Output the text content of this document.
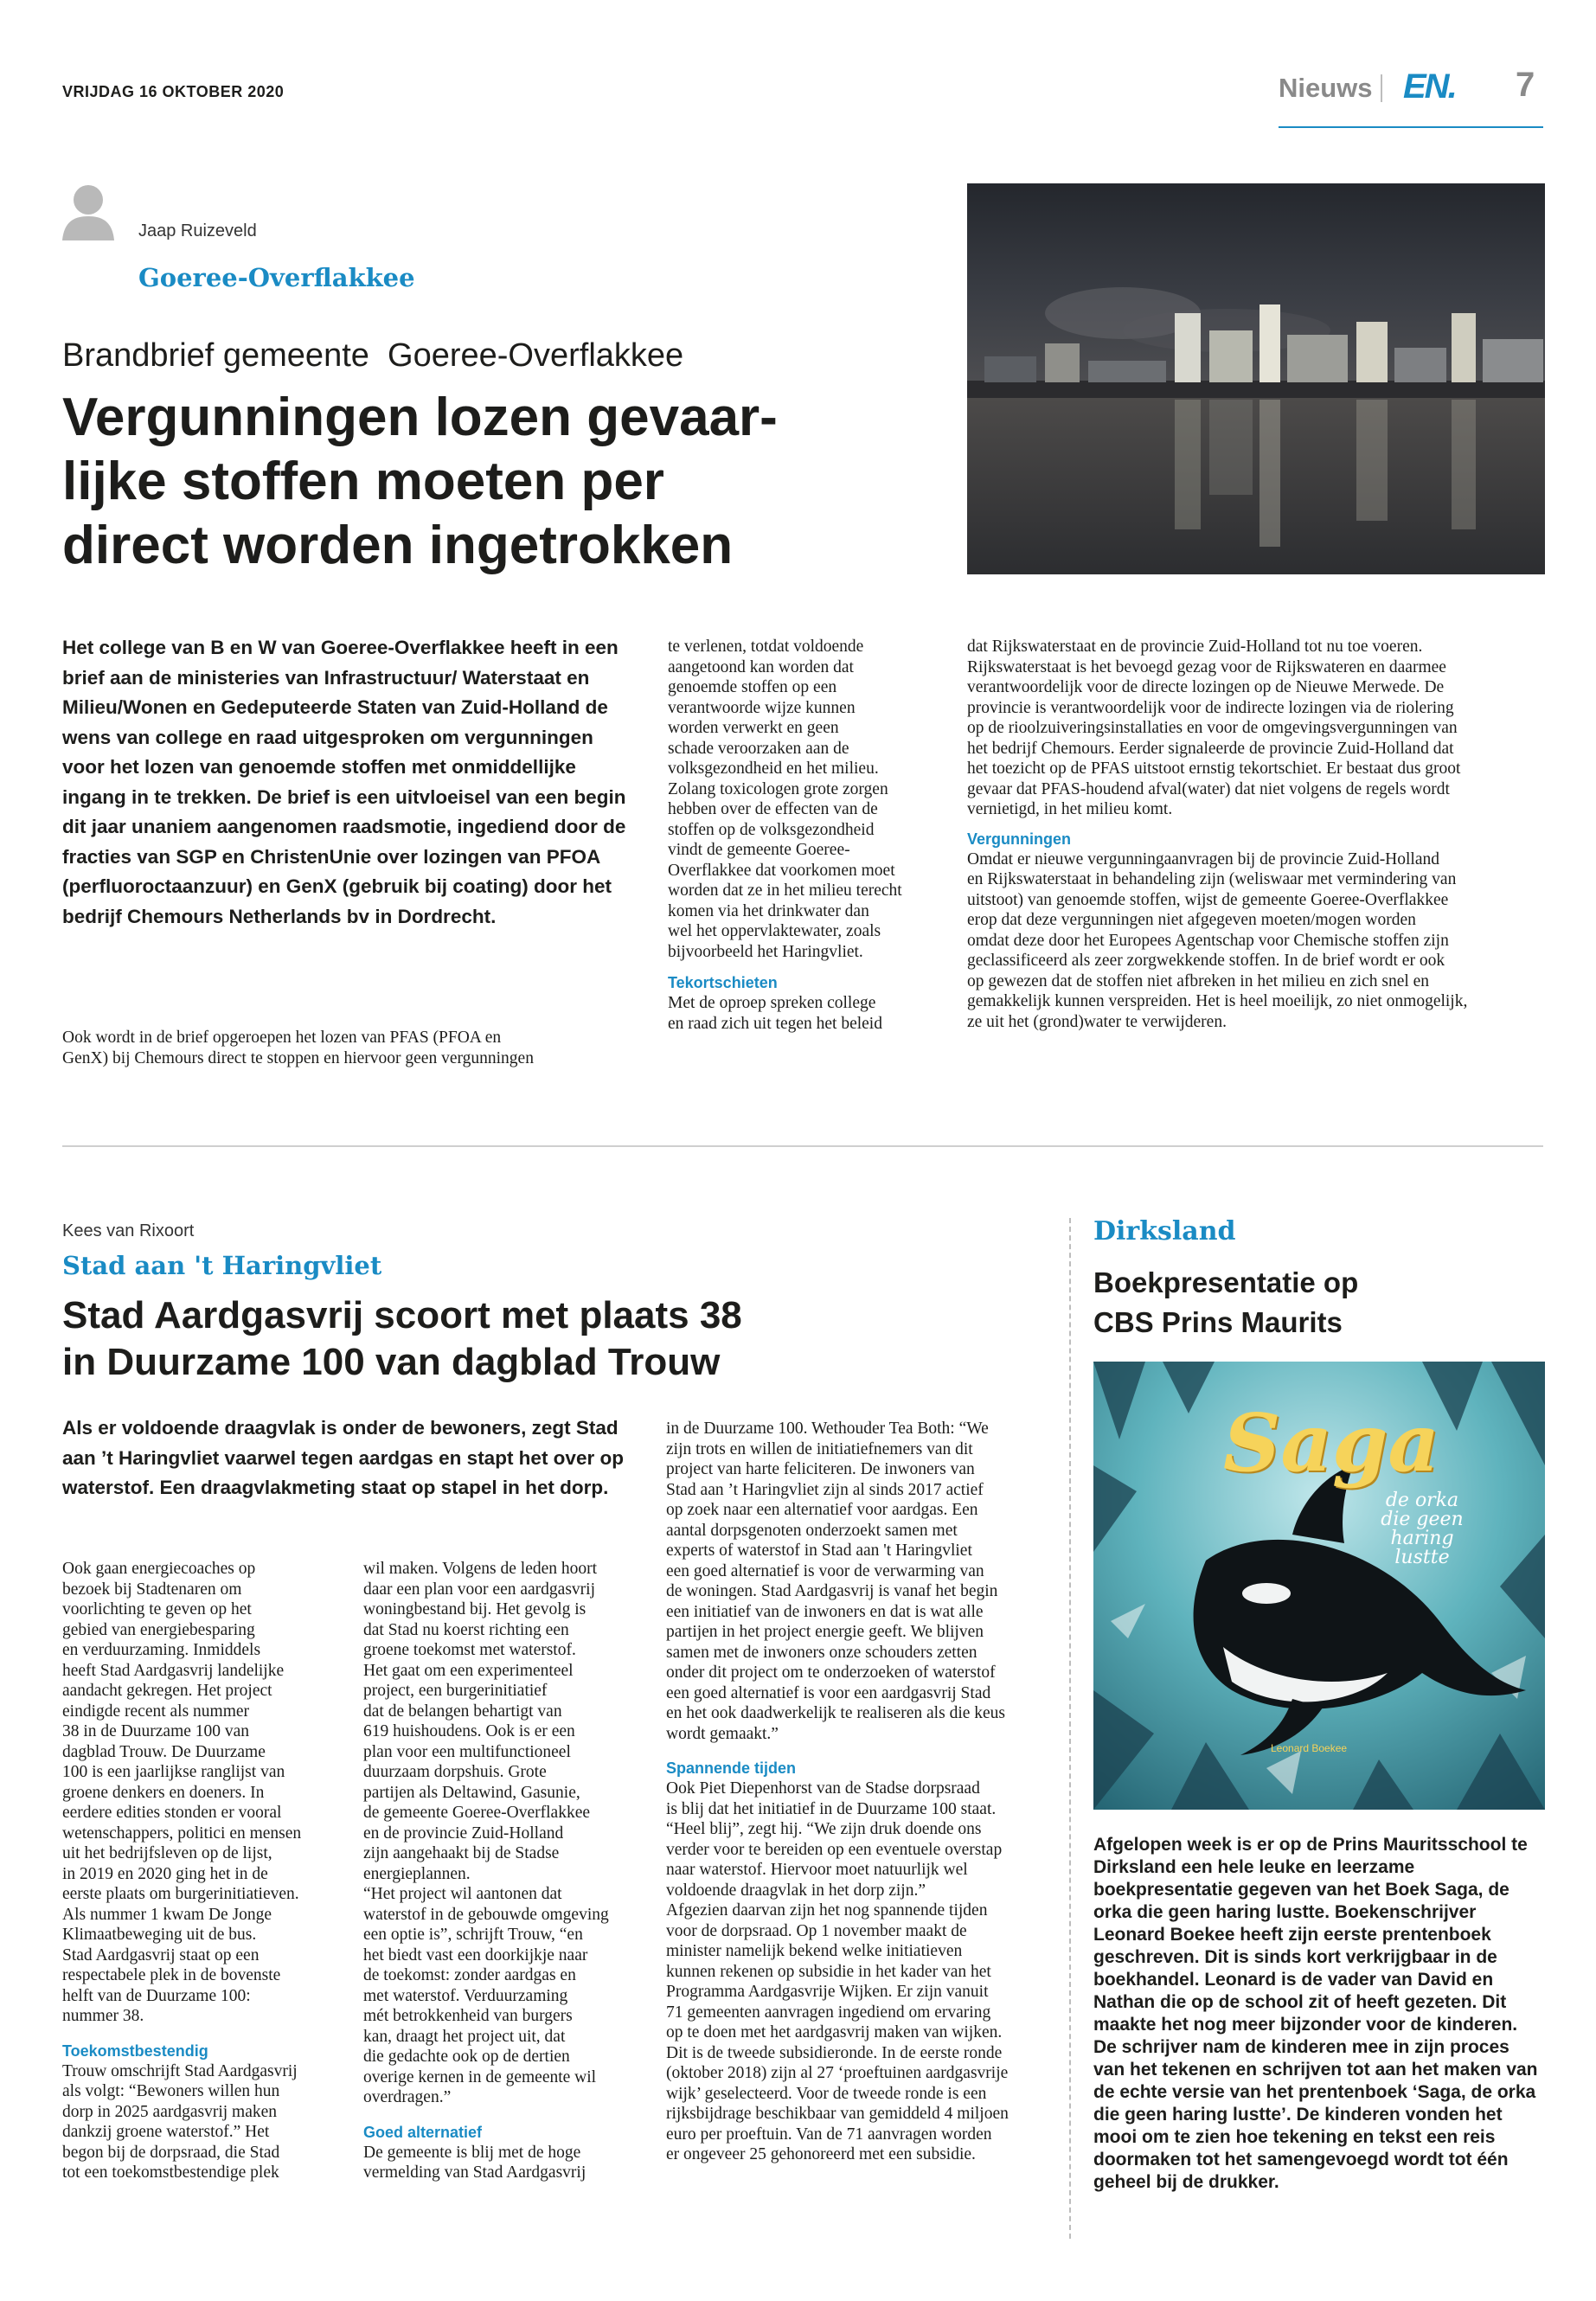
VRIJDAG 16 OKTOBER 2020	Nieuws EN. 7
Jaap Ruizeveld
Goeree-Overflakkee
Brandbrief gemeente  Goeree-Overflakkee
Vergunningen lozen gevaar-
lijke stoffen moeten per
direct worden ingetrokken
Het college van B en W van Goeree-Overflakkee heeft in een brief aan de ministeries van Infrastructuur/ Waterstaat en Milieu/Wonen en Gedeputeerde Staten van Zuid-Holland de wens van college en raad uitgesproken om vergunningen voor het lozen van genoemde stoffen met onmiddellijke ingang in te trekken. De brief is een uitvloeisel van een begin dit jaar unaniem aangenomen raadsmotie, ingediend door de fracties van SGP en ChristenUnie over lozingen van PFOA (perfluoroctaanzuur) en GenX (gebruik bij coating) door het bedrijf Chemours Netherlands bv in Dordrecht.
Ook wordt in de brief opgeroepen het lozen van PFAS (PFOA en
GenX) bij Chemours direct te stoppen en hiervoor geen vergunningen
te verlenen, totdat voldoende
aangetoond kan worden dat
genoemde stoffen op een
verantwoorde wijze kunnen
worden verwerkt en geen
schade veroorzaken aan de
volksgezondheid en het milieu.
Zolang toxicologen grote zorgen
hebben over de effecten van de
stoffen op de volksgezondheid
vindt de gemeente Goeree-
Overflakkee dat voorkomen moet
worden dat ze in het milieu terecht
komen via het drinkwater dan
wel het oppervlaktewater, zoals
bijvoorbeeld het Haringvliet.
Tekortschieten
Met de oproep spreken college
en raad zich uit tegen het beleid
dat Rijkswaterstaat en de provincie Zuid-Holland tot nu toe voeren.
Rijkswaterstaat is het bevoegd gezag voor de Rijkswateren en daarmee
verantwoordelijk voor de directe lozingen op de Nieuwe Merwede. De
provincie is verantwoordelijk voor de indirecte lozingen via de riolering
op de rioolzuiveringsinstallaties en voor de omgevingsvergunningen van
het bedrijf Chemours. Eerder signaleerde de provincie Zuid-Holland dat
het toezicht op de PFAS uitstoot ernstig tekortschiet. Er bestaat dus groot
gevaar dat PFAS-houdend afval(water) dat niet volgens de regels wordt
vernietigd, in het milieu komt.
Vergunningen
Omdat er nieuwe vergunningaanvragen bij de provincie Zuid-Holland
en Rijkswaterstaat in behandeling zijn (weliswaar met vermindering van
uitstoot) van genoemde stoffen, wijst de gemeente Goeree-Overflakkee
erop dat deze vergunningen niet afgegeven moeten/mogen worden
omdat deze door het Europees Agentschap voor Chemische stoffen zijn
geclassificeerd als zeer zorgwekkende stoffen. In de brief wordt er ook
op gewezen dat de stoffen niet afbreken in het milieu en zich snel en
gemakkelijk kunnen verspreiden. Het is heel moeilijk, zo niet onmogelijk,
ze uit het (grond)water te verwijderen.
Kees van Rixoort
Stad aan 't Haringvliet
Stad Aardgasvrij scoort met plaats 38
in Duurzame 100 van dagblad Trouw
Als er voldoende draagvlak is onder de bewoners, zegt Stad aan ’t Haringvliet vaarwel tegen aardgas en stapt het over op waterstof. Een draagvlakmeting staat op stapel in het dorp.
Ook gaan energiecoaches op
bezoek bij Stadtenaren om
voorlichting te geven op het
gebied van energiebesparing
en verduurzaming. Inmiddels
heeft Stad Aardgasvrij landelijke
aandacht gekregen. Het project
eindigde recent als nummer
38 in de Duurzame 100 van
dagblad Trouw. De Duurzame
100 is een jaarlijkse ranglijst van
groene denkers en doeners. In
eerdere edities stonden er vooral
wetenschappers, politici en mensen
uit het bedrijfsleven op de lijst,
in 2019 en 2020 ging het in de
eerste plaats om burgerinitiatieven.
Als nummer 1 kwam De Jonge
Klimaatbeweging uit de bus.
Stad Aardgasvrij staat op een
respectabele plek in de bovenste
helft van de Duurzame 100:
nummer 38.
Toekomstbestendig
Trouw omschrijft Stad Aardgasvrij
als volgt: “Bewoners willen hun
dorp in 2025 aardgasvrij maken
dankzij groene waterstof.” Het
begon bij de dorpsraad, die Stad
tot een toekomstbestendige plek
wil maken. Volgens de leden hoort
daar een plan voor een aardgasvrij
woningbestand bij. Het gevolg is
dat Stad nu koerst richting een
groene toekomst met waterstof.
Het gaat om een experimenteel
project, een burgerinitiatief
dat de belangen behartigt van
619 huishoudens. Ook is er een
plan voor een multifunctioneel
duurzaam dorpshuis. Grote
partijen als Deltawind, Gasunie,
de gemeente Goeree-Overflakkee
en de provincie Zuid-Holland
zijn aangehaakt bij de Stadse
energieplannen.
“Het project wil aantonen dat
waterstof in de gebouwde omgeving
een optie is”, schrijft Trouw, “en
het biedt vast een doorkijkje naar
de toekomst: zonder aardgas en
met waterstof. Verduurzaming
mét betrokkenheid van burgers
kan, draagt het project uit, dat
die gedachte ook op de dertien
overige kernen in de gemeente wil
overdragen.”
Goed alternatief
De gemeente is blij met de hoge
vermelding van Stad Aardgasvrij
in de Duurzame 100. Wethouder Tea Both: “We
zijn trots en willen de initiatiefnemers van dit
project van harte feliciteren. De inwoners van
Stad aan ’t Haringvliet zijn al sinds 2017 actief
op zoek naar een alternatief voor aardgas. Een
aantal dorpsgenoten onderzoekt samen met
experts of waterstof in Stad aan 't Haringvliet
een goed alternatief is voor de verwarming van
de woningen. Stad Aardgasvrij is vanaf het begin
een initiatief van de inwoners en dat is wat alle
partijen in het project energie geeft. We blijven
samen met de inwoners onze schouders zetten
onder dit project om te onderzoeken of waterstof
een goed alternatief is voor een aardgasvrij Stad
en het ook daadwerkelijk te realiseren als die keus
wordt gemaakt.”
Spannende tijden
Ook Piet Diepenhorst van de Stadse dorpsraad
is blij dat het initiatief in de Duurzame 100 staat.
“Heel blij”, zegt hij. “We zijn druk doende ons
verder voor te bereiden op een eventuele overstap
naar waterstof. Hiervoor moet natuurlijk wel
voldoende draagvlak in het dorp zijn.”
Afgezien daarvan zijn het nog spannende tijden
voor de dorpsraad. Op 1 november maakt de
minister namelijk bekend welke initiatieven
kunnen rekenen op subsidie in het kader van het
Programma Aardgasvrije Wijken. Er zijn vanuit
71 gemeenten aanvragen ingediend om ervaring
op te doen met het aardgasvrij maken van wijken.
Dit is de tweede subsidieronde. In de eerste ronde
(oktober 2018) zijn al 27 ‘proeftuinen aardgasvrije
wijk’ geselecteerd. Voor de tweede ronde is een
rijksbijdrage beschikbaar van gemiddeld 4 miljoen
euro per proeftuin. Van de 71 aanvragen worden
er ongeveer 25 gehonoreerd met een subsidie.
Dirksland
Boekpresentatie op
CBS Prins Maurits
Saga
de orka
die geen
haring
lustte
Leonard Boekee
Afgelopen week is er op de Prins Mauritsschool te Dirksland een hele leuke en leerzame boekpresentatie gegeven van het Boek Saga, de orka die geen haring lustte. Boekenschrijver Leonard Boekee heeft zijn eerste prentenboek geschreven. Dit is sinds kort verkrijgbaar in de boekhandel. Leonard is de vader van David en Nathan die op de school zit of heeft gezeten. Dit maakte het nog meer bijzonder voor de kinderen. De schrijver nam de kinderen mee in zijn proces van het tekenen en schrijven tot aan het maken van de echte versie van het prentenboek ‘Saga, de orka die geen haring lustte’. De kinderen vonden het mooi om te zien hoe tekening en tekst een reis doormaken tot het samengevoegd wordt tot één geheel bij de drukker.
